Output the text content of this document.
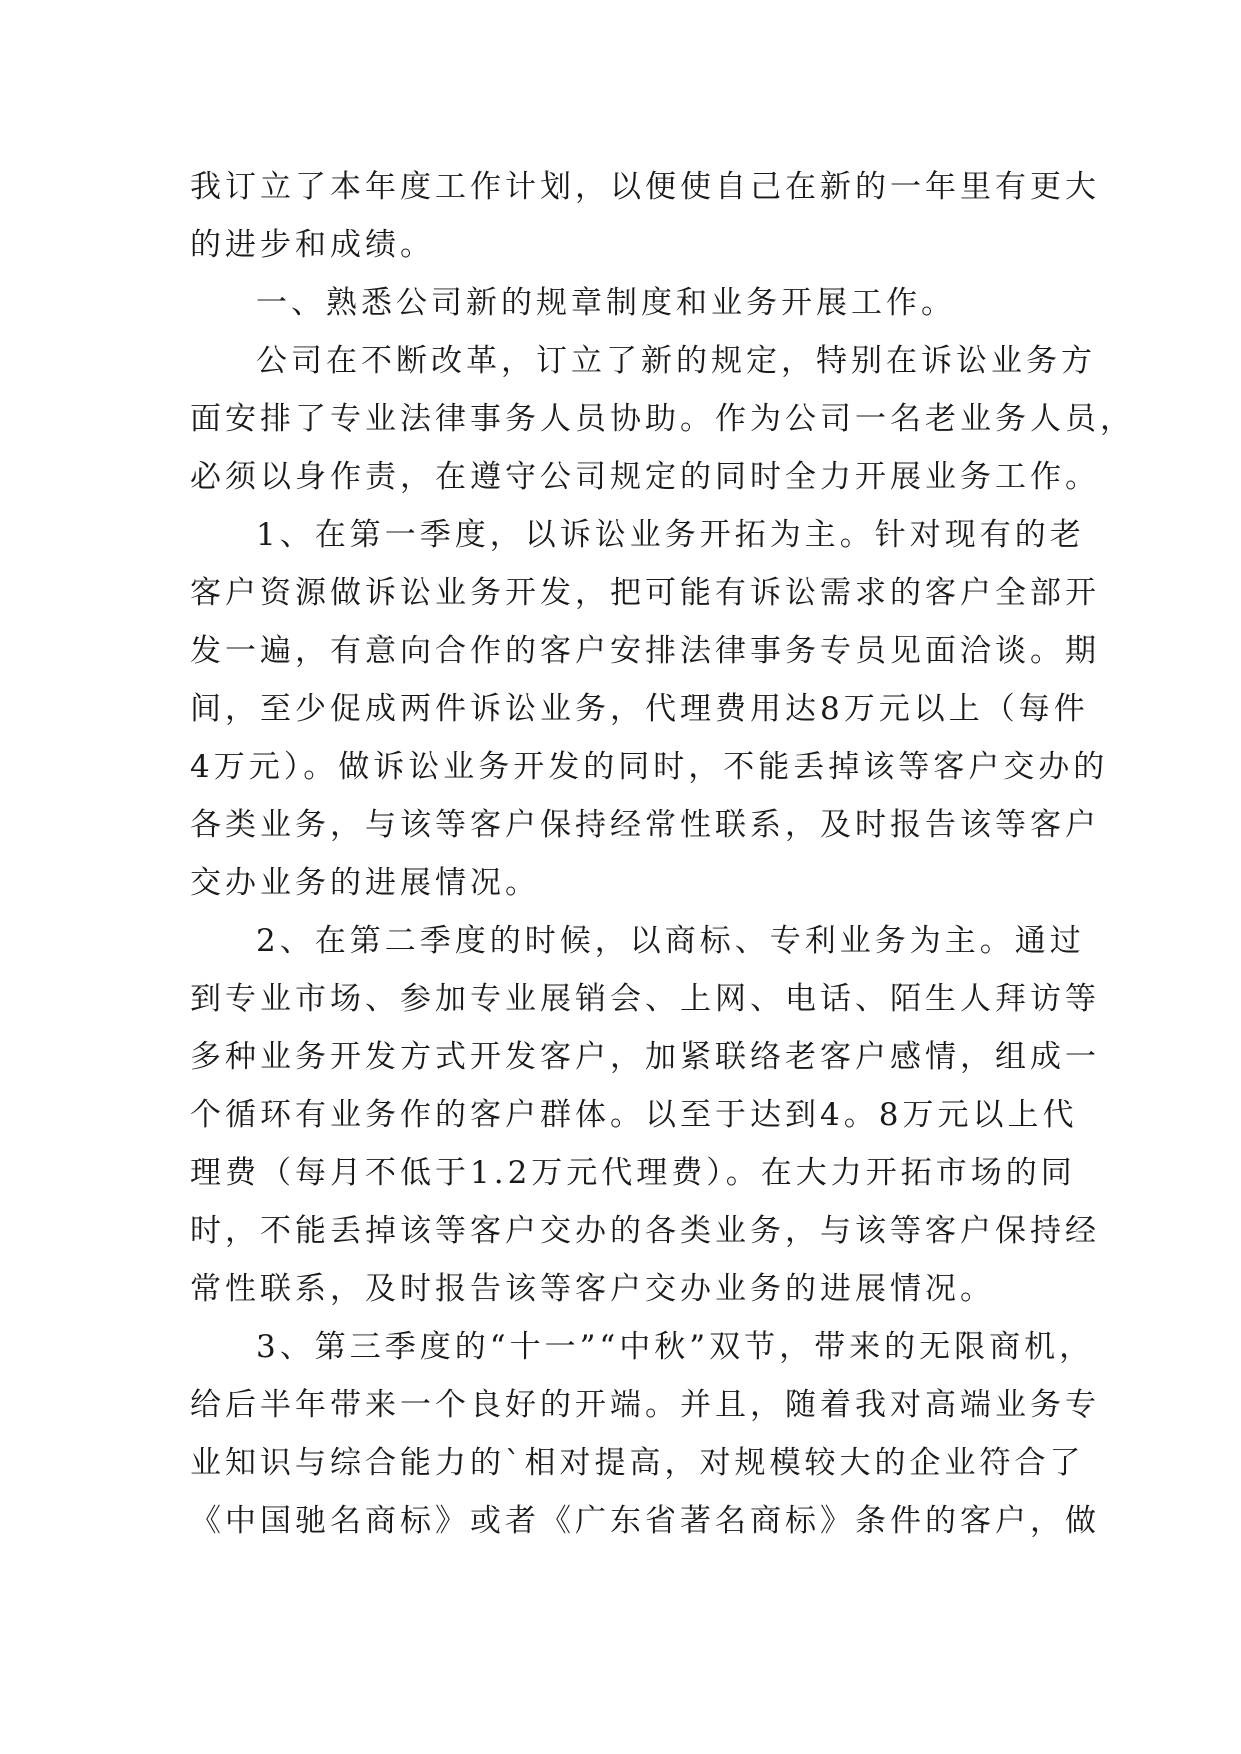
我订立了本年度工作计划，以便使自己在新的一年里有更大
的进步和成绩。
一、熟悉公司新的规章制度和业务开展工作。
公司在不断改革，订立了新的规定，特别在诉讼业务方
面安排了专业法律事务人员协助。作为公司一名老业务人员，
必须以身作责，在遵守公司规定的同时全力开展业务工作。
1、在第一季度，以诉讼业务开拓为主。针对现有的老
客户资源做诉讼业务开发，把可能有诉讼需求的客户全部开
发一遍，有意向合作的客户安排法律事务专员见面洽谈。期
间，至少促成两件诉讼业务，代理费用达8万元以上（每件
4万元）。做诉讼业务开发的同时，不能丢掉该等客户交办的
各类业务，与该等客户保持经常性联系，及时报告该等客户
交办业务的进展情况。
2、在第二季度的时候，以商标、专利业务为主。通过
到专业市场、参加专业展销会、上网、电话、陌生人拜访等
多种业务开发方式开发客户，加紧联络老客户感情，组成一
个循环有业务作的客户群体。以至于达到4。8万元以上代
理费（每月不低于1.2万元代理费）。在大力开拓市场的同
时，不能丢掉该等客户交办的各类业务，与该等客户保持经
常性联系，及时报告该等客户交办业务的进展情况。
3、第三季度的“十一”“中秋”双节，带来的无限商机，
给后半年带来一个良好的开端。并且，随着我对高端业务专
业知识与综合能力的`相对提高，对规模较大的企业符合了
《中国驰名商标》或者《广东省著名商标》条件的客户，做
